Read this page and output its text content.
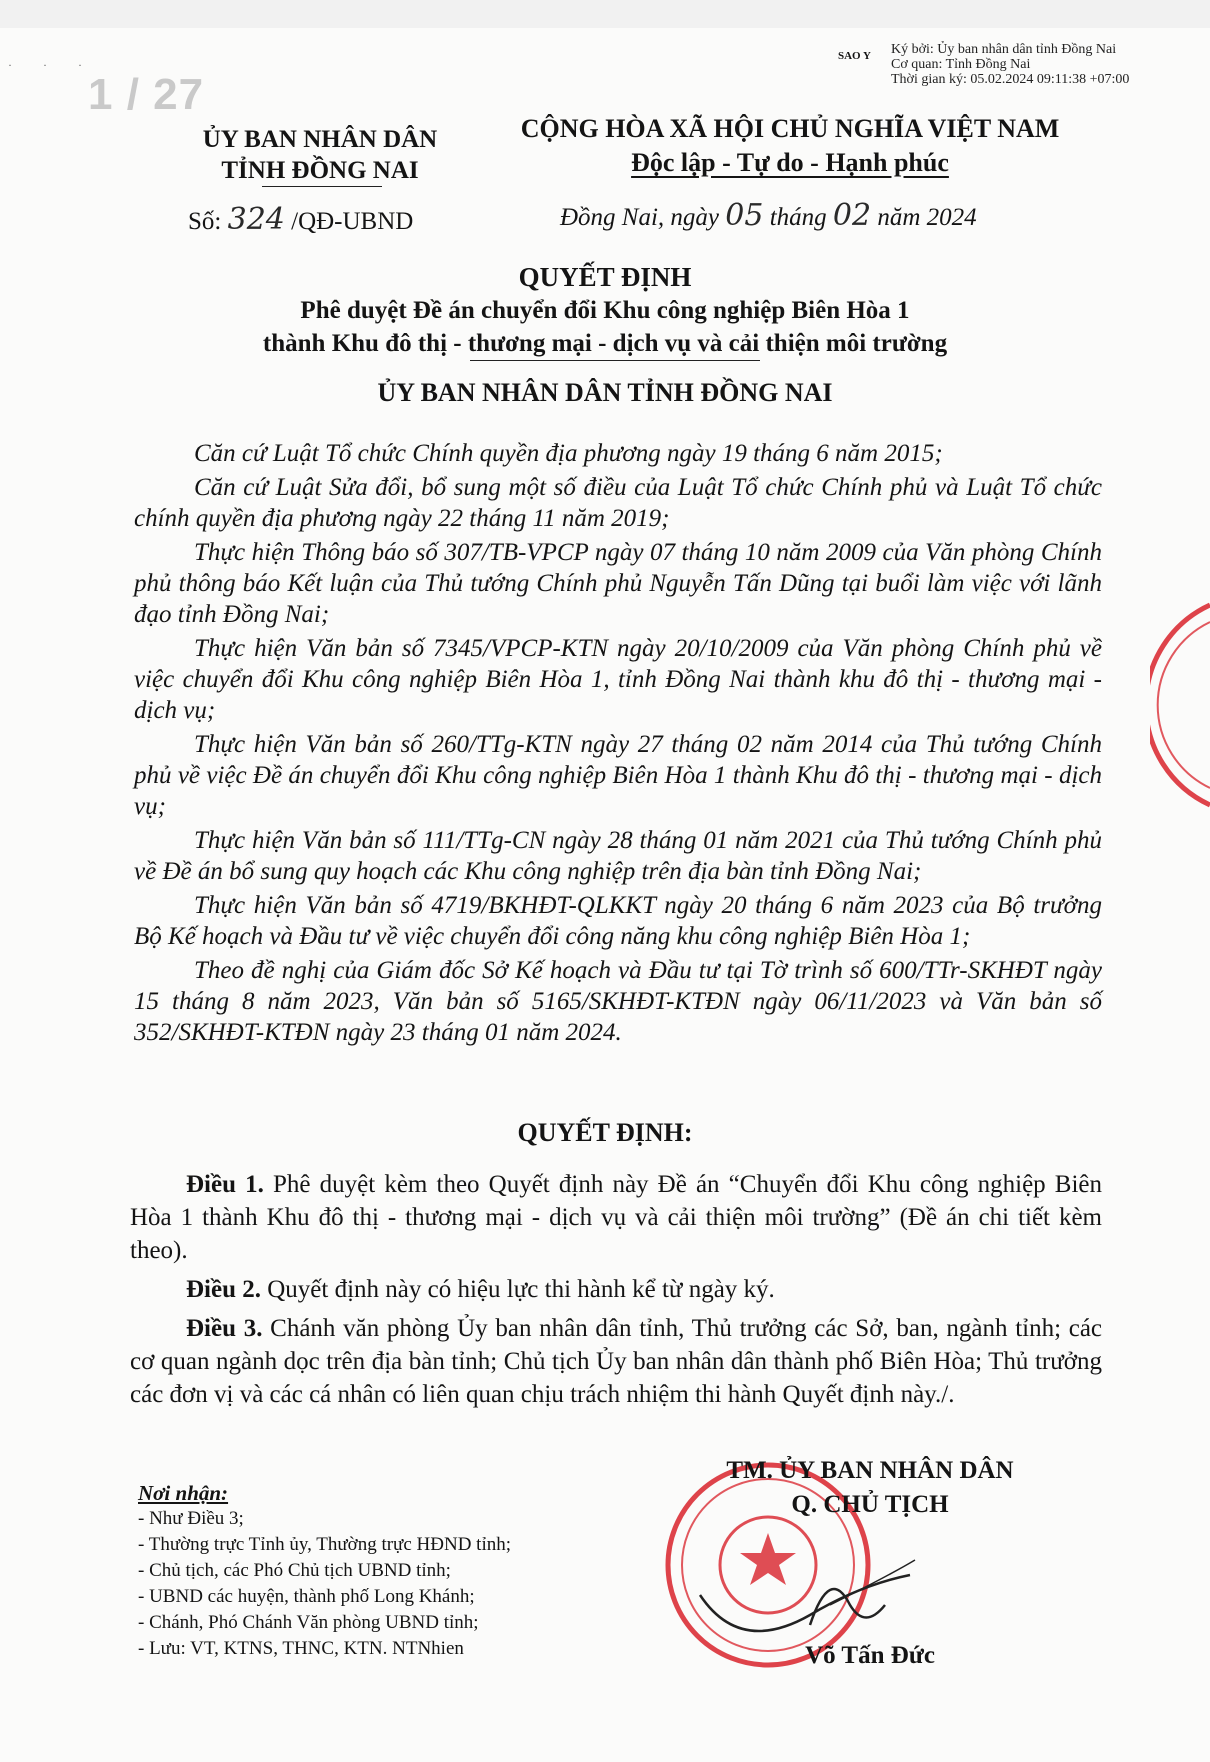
1 / 27
· · ·
SAO Y	Ký bởi: Ủy ban nhân dân tỉnh Đồng Nai
Cơ quan: Tỉnh Đồng Nai
Thời gian ký: 05.02.2024 09:11:38 +07:00
ỦY BAN NHÂN DÂN
TỈNH ĐỒNG NAI
CỘNG HÒA XÃ HỘI CHỦ NGHĨA VIỆT NAM
Độc lập - Tự do - Hạnh phúc
Số: 324 /QĐ-UBND	Đồng Nai, ngày 05 tháng 02 năm 2024
QUYẾT ĐỊNH
Phê duyệt Đề án chuyển đổi Khu công nghiệp Biên Hòa 1
thành Khu đô thị - thương mại - dịch vụ và cải thiện môi trường
ỦY BAN NHÂN DÂN TỈNH ĐỒNG NAI

Căn cứ Luật Tổ chức Chính quyền địa phương ngày 19 tháng 6 năm 2015;

Căn cứ Luật Sửa đổi, bổ sung một số điều của Luật Tổ chức Chính phủ và Luật Tổ chức chính quyền địa phương ngày 22 tháng 11 năm 2019;

Thực hiện Thông báo số 307/TB-VPCP ngày 07 tháng 10 năm 2009 của Văn phòng Chính phủ thông báo Kết luận của Thủ tướng Chính phủ Nguyễn Tấn Dũng tại buổi làm việc với lãnh đạo tỉnh Đồng Nai;

Thực hiện Văn bản số 7345/VPCP-KTN ngày 20/10/2009 của Văn phòng Chính phủ về việc chuyển đổi Khu công nghiệp Biên Hòa 1, tỉnh Đồng Nai thành khu đô thị - thương mại - dịch vụ;

Thực hiện Văn bản số 260/TTg-KTN ngày 27 tháng 02 năm 2014 của Thủ tướng Chính phủ về việc Đề án chuyển đổi Khu công nghiệp Biên Hòa 1 thành Khu đô thị - thương mại - dịch vụ;

Thực hiện Văn bản số 111/TTg-CN ngày 28 tháng 01 năm 2021 của Thủ tướng Chính phủ về Đề án bổ sung quy hoạch các Khu công nghiệp trên địa bàn tỉnh Đồng Nai;

Thực hiện Văn bản số 4719/BKHĐT-QLKKT ngày 20 tháng 6 năm 2023 của Bộ trưởng Bộ Kế hoạch và Đầu tư về việc chuyển đổi công năng khu công nghiệp Biên Hòa 1;

Theo đề nghị của Giám đốc Sở Kế hoạch và Đầu tư tại Tờ trình số 600/TTr-SKHĐT ngày 15 tháng 8 năm 2023, Văn bản số 5165/SKHĐT-KTĐN ngày 06/11/2023 và Văn bản số 352/SKHĐT-KTĐN ngày 23 tháng 01 năm 2024.

QUYẾT ĐỊNH:

Điều 1. Phê duyệt kèm theo Quyết định này Đề án “Chuyển đổi Khu công nghiệp Biên Hòa 1 thành Khu đô thị - thương mại - dịch vụ và cải thiện môi trường” (Đề án chi tiết kèm theo).

Điều 2. Quyết định này có hiệu lực thi hành kể từ ngày ký.

Điều 3. Chánh văn phòng Ủy ban nhân dân tỉnh, Thủ trưởng các Sở, ban, ngành tỉnh; các cơ quan ngành dọc trên địa bàn tỉnh; Chủ tịch Ủy ban nhân dân thành phố Biên Hòa; Thủ trưởng các đơn vị và các cá nhân có liên quan chịu trách nhiệm thi hành Quyết định này./.

Nơi nhận:
- Như Điều 3;
- Thường trực Tỉnh ủy, Thường trực HĐND tỉnh;
- Chủ tịch, các Phó Chủ tịch UBND tỉnh;
- UBND các huyện, thành phố Long Khánh;
- Chánh, Phó Chánh Văn phòng UBND tỉnh;
- Lưu: VT, KTNS, THNC, KTN. NTNhien
TM. ỦY BAN NHÂN DÂN
Q. CHỦ TỊCH
Võ Tấn Đức
